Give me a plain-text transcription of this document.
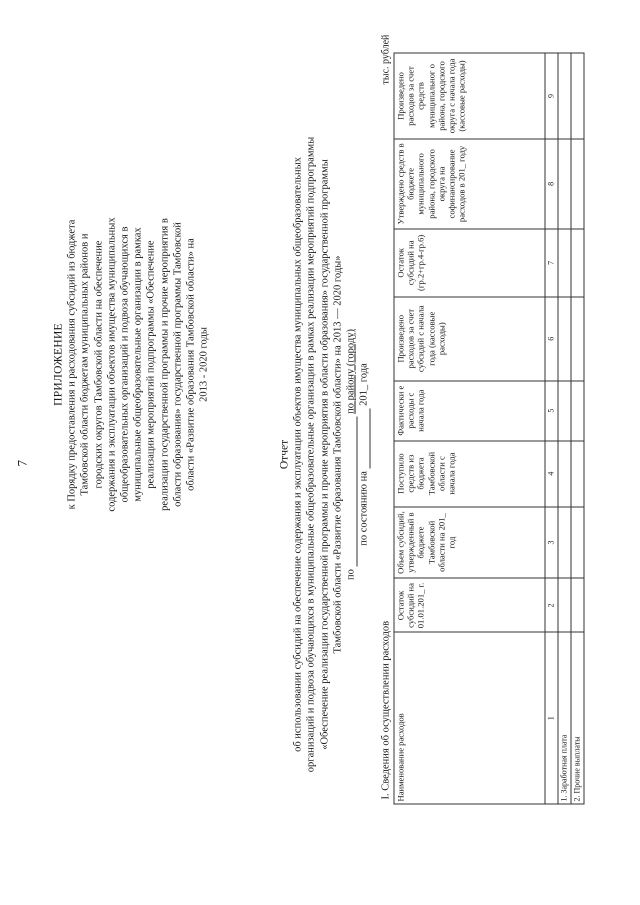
7
ПРИЛОЖЕНИЕ к Порядку предоставления и расходования субсидий из бюджета Тамбовской области бюджетам муниципальных районов и городских округов Тамбовской области на обеспечение содержания и эксплуатации объектов имущества муниципальных общеобразовательных организаций и подвоза обучающихся в муниципальные общеобразовательные организации в рамках реализации мероприятий подпрограммы «Обеспечение реализации государственной программы и прочие мероприятия в области образования» государственной программы Тамбовской области «Развитие образования Тамбовской области» на 2013 - 2020 годы
Отчет об использовании субсидий на обеспечение содержания и эксплуатации объектов имущества муниципальных общеобразовательных организаций и подвоза обучающихся в муниципальные общеобразовательные организации в рамках реализации мероприятий подпрограммы «Обеспечение реализации государственной программы и прочие мероприятия в области образования» государственной программы Тамбовской области «Развитие образования Тамбовской области» на 2013 — 2020 годы» по  по району (городу)
по состоянию на  201_ года
I. Сведения об осуществлении расходов
тыс. рублей
Наименование расходов	Остаток субсидий на 01.01.201_ г.	Объем субсидий, утвержденный в бюджете Тамбовской области на 201_ год	Поступило средств из бюджета Тамбовской области с начала года	Фактически е расходы с начала года	Произведено расходов за счет субсидий с начала года (кассовые расходы)	Остаток субсидий на (гр.2+гр.4-гр.6)	Утверждено средств в бюджете муниципального района, городского округа на софинансирование расходов в 201_ году	Произведено расходов за счет средств муниципальног о района, городского округа с начала года (кассовые расходы)
1	2	3	4	5	6	7	8	9
1. Заработная плата								
2. Прочие выплаты								
